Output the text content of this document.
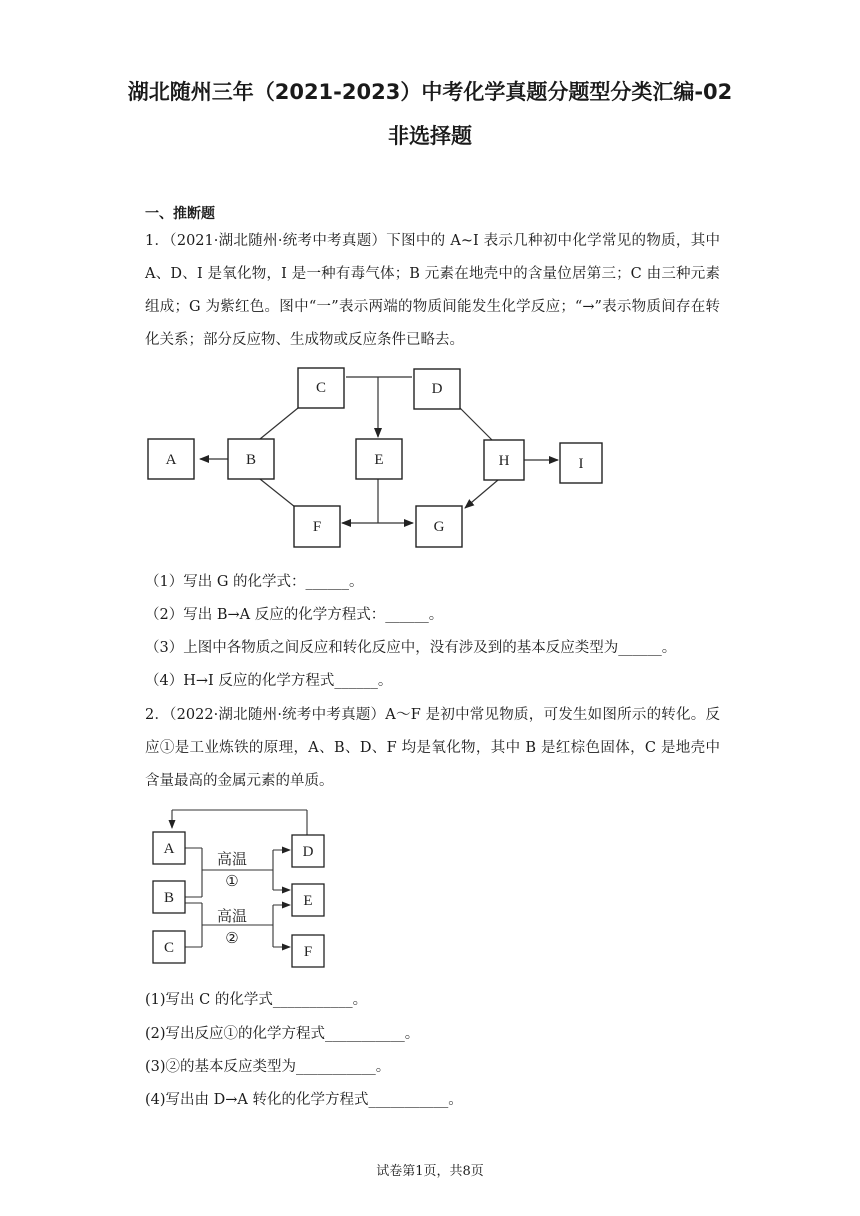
湖北随州三年（2021-2023）中考化学真题分题型分类汇编-02
非选择题
一、推断题
1．（2021·湖北随州·统考中考真题）下图中的 A~I 表示几种初中化学常见的物质，其中 A、D、I 是氧化物，I 是一种有毒气体；B 元素在地壳中的含量位居第三；C 由三种元素组成；G 为紫红色。图中“一”表示两端的物质间能发生化学反应；“→”表示物质间存在转化关系；部分反应物、生成物或反应条件已略去。
C	D
A	B	E	H	I
F	G
（1）写出 G 的化学式：______。
（2）写出 B→A 反应的化学方程式：______。
（3）上图中各物质之间反应和转化反应中，没有涉及到的基本反应类型为______。
（4）H→I 反应的化学方程式______。
2．（2022·湖北随州·统考中考真题）A～F 是初中常见物质，可发生如图所示的转化。反应①是工业炼铁的原理，A、B、D、F 均是氧化物，其中 B 是红棕色固体，C 是地壳中含量最高的金属元素的单质。
A
B
C
D
E
F
高温
①
高温
②
(1)写出 C 的化学式___________。
(2)写出反应①的化学方程式___________。
(3)②的基本反应类型为___________。
(4)写出由 D→A 转化的化学方程式___________。
试卷第1页，共8页
